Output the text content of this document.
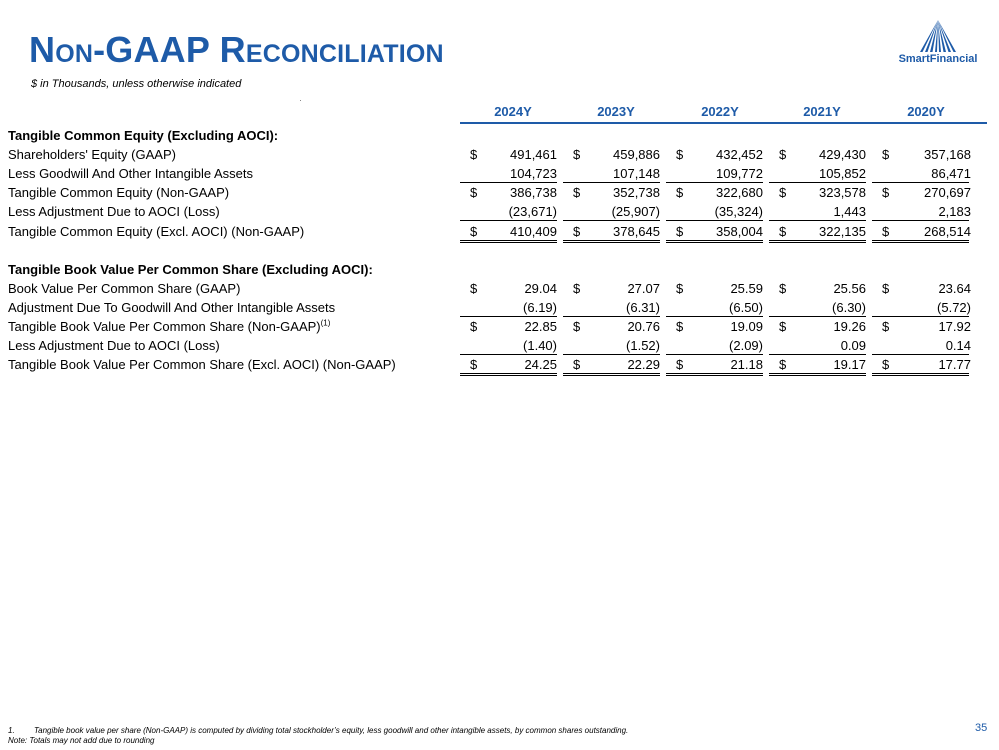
Non-GAAP Reconciliation
$ in Thousands, unless otherwise indicated
SmartFinancial
2024Y	2023Y	2022Y	2021Y	2020Y
Tangible Common Equity (Excluding AOCI):
Shareholders' Equity (GAAP)	$	491,461 $	459,886 $	432,452 $	429,430 $	357,168
Less Goodwill And Other Intangible Assets	104,723	107,148	109,772	105,852	86,471
Tangible Common Equity (Non-GAAP)	$	386,738 $	352,738 $	322,680 $	323,578 $	270,697
Less Adjustment Due to AOCI (Loss)	(23,671)	(25,907)	(35,324)	1,443	2,183
Tangible Common Equity (Excl. AOCI) (Non-GAAP)	$	410,409 $	378,645 $	358,004 $	322,135 $	268,514
Tangible Book Value Per Common Share (Excluding AOCI):
Book Value Per Common Share (GAAP)	$	29.04 $	27.07 $	25.59 $	25.56 $	23.64
Adjustment Due To Goodwill And Other Intangible Assets	(6.19)	(6.31)	(6.50)	(6.30)	(5.72)
Tangible Book Value Per Common Share (Non-GAAP)$^{(1)}$	$	22.85 $	20.76 $	19.09 $	19.26 $	17.92
Less Adjustment Due to AOCI (Loss)	(1.40)	(1.52)	(2.09)	0.09	0.14
Tangible Book Value Per Common Share (Excl. AOCI) (Non-GAAP)	$	24.25 $	22.29 $	21.18 $	19.17 $	17.77
1. Tangible book value per share (Non-GAAP) is computed by dividing total stockholder’s equity, less goodwill and other intangible assets, by common shares outstanding.
Note: Totals may not add due to rounding
35
